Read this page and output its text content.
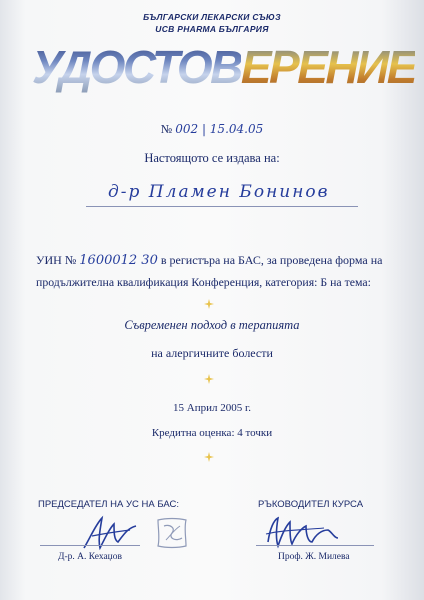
БЪЛГАРСКИ ЛЕКАРСКИ СЪЮЗ
UCB PHARMA БЪЛГАРИЯ
УДОСТОВЕРЕНИЕ
№ 002 | 15.04.05
Настоящото се издава на:
д-р Пламен Бонинов
УИН № 1600012 30 в регистъра на БАС, за проведена форма на
продължителна квалификация Конференция, категория: Б на тема:
Съвременен подход в терапията
на алергичните болести
15 Април 2005 г.
Кредитна оценка: 4 точки
ПРЕДСЕДАТЕЛ НА УС НА БАС:	РЪКОВОДИТЕЛ КУРСА
Д-р. А. Кехаџов	Проф. Ж. Милева
